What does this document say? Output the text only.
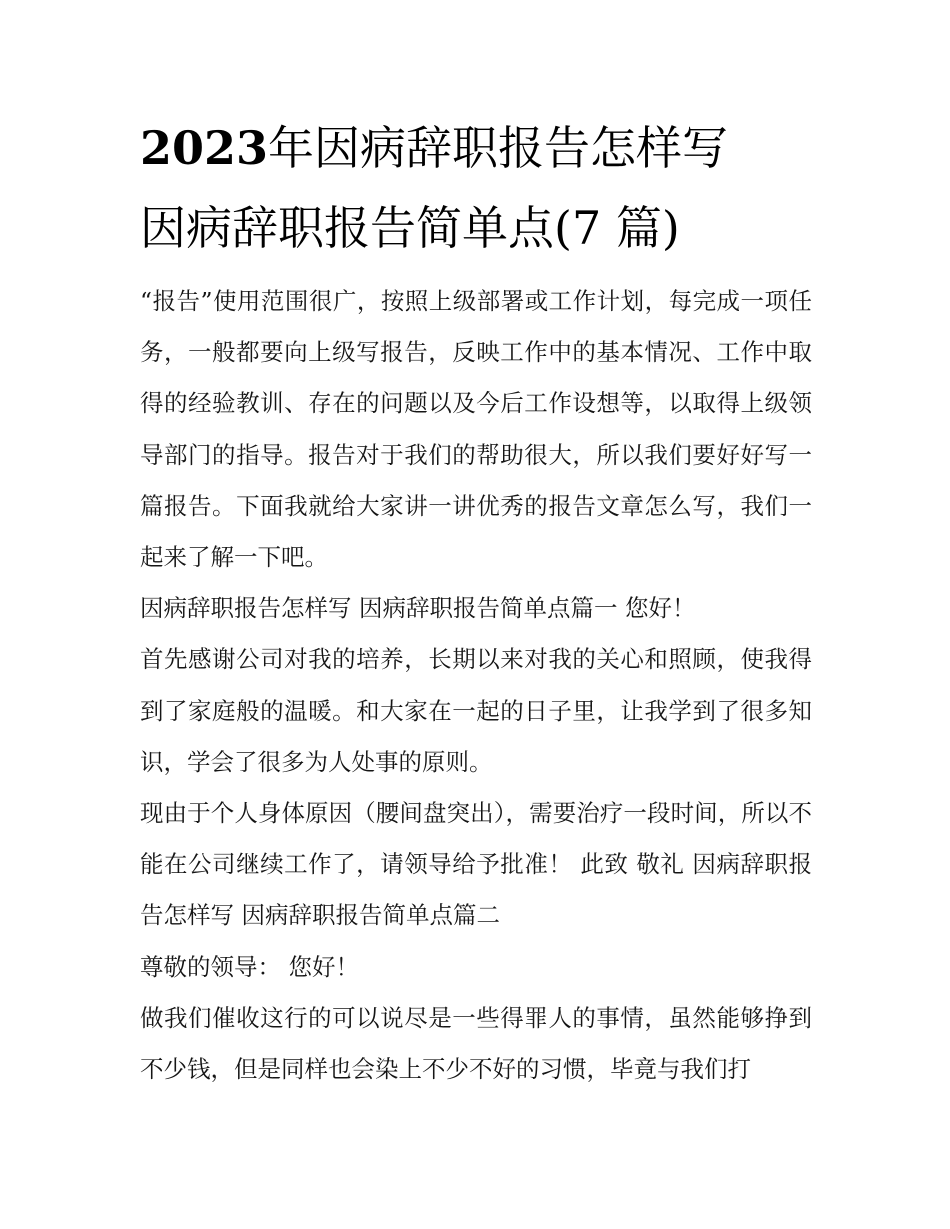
2023年因病辞职报告怎样写
因病辞职报告简单点(7 篇)

“报告”使用范围很广，按照上级部署或工作计划，每完成一项任务，一般都要向上级写报告，反映工作中的基本情况、工作中取得的经验教训、存在的问题以及今后工作设想等，以取得上级领导部门的指导。报告对于我们的帮助很大，所以我们要好好写一篇报告。下面我就给大家讲一讲优秀的报告文章怎么写，我们一起来了解一下吧。

因病辞职报告怎样写 因病辞职报告简单点篇一 您好！

首先感谢公司对我的培养，长期以来对我的关心和照顾，使我得到了家庭般的温暖。和大家在一起的日子里，让我学到了很多知识，学会了很多为人处事的原则。

现由于个人身体原因（腰间盘突出），需要治疗一段时间，所以不能在公司继续工作了，请领导给予批准！ 此致 敬礼 因病辞职报告怎样写 因病辞职报告简单点篇二

尊敬的领导： 您好！

做我们催收这行的可以说尽是一些得罪人的事情，虽然能够挣到不少钱，但是同样也会染上不少不好的习惯，毕竟与我们打
